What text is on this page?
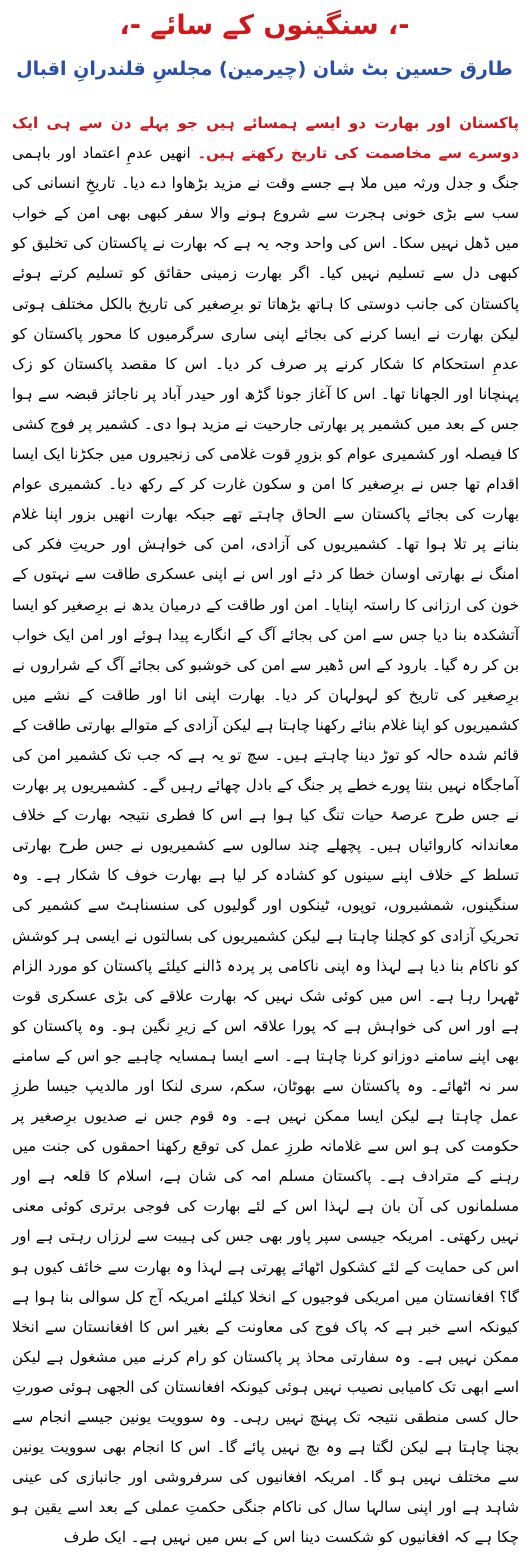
-، سنگینوں کے سائے -،
طارق حسین بٹ شان (چیرمین) مجلسِ قلندرانِ اقبال
پاکستان اور بھارت دو ایسے ہمسائے ہیں جو پہلے دن سے ہی ایک دوسرے سے مخاصمت کی تاریخ رکھتے ہیں۔ انھیں عدمِ اعتماد اور باہمی جنگ و جدل ورثہ میں ملا ہے جسے وقت نے مزید بڑھاوا دے دیا۔ تاریخِ انسانی کی سب سے بڑی خونی ہجرت سے شروع ہونے والا سفر کبھی بھی امن کے خواب میں ڈھل نہیں سکا۔ اس کی واحد وجہ یہ ہے کہ بھارت نے پاکستان کی تخلیق کو کبھی دل سے تسلیم نہیں کیا۔ اگر بھارت زمینی حقائق کو تسلیم کرتے ہوئے پاکستان کی جانب دوستی کا ہاتھ بڑھاتا تو برِصغیر کی تاریخ بالکل مختلف ہوتی لیکن بھارت نے ایسا کرنے کی بجائے اپنی ساری سرگرمیوں کا محور پاکستان کو عدمِ استحکام کا شکار کرنے پر صرف کر دیا۔ اس کا مقصد پاکستان کو زک پہنچانا اور الجھانا تھا۔ اس کا آغاز جونا گڑھ اور حیدر آباد پر ناجائز قبضہ سے ہوا جس کے بعد میں کشمیر پر بھارتی جارحیت نے مزید ہوا دی۔ کشمیر پر فوج کشی کا فیصلہ اور کشمیری عوام کو بزورِ قوت غلامی کی زنجیروں میں جکڑنا ایک ایسا اقدام تھا جس نے برِصغیر کا امن و سکون غارت کر کے رکھ دیا۔ کشمیری عوام بھارت کی بجائے پاکستان سے الحاق چاہتے تھے جبکہ بھارت انھیں بزور اپنا غلام بنانے پر تلا ہوا تھا۔ کشمیریوں کی آزادی، امن کی خواہش اور حریتِ فکر کی امنگ نے بھارتی اوسان خطا کر دئے اور اس نے اپنی عسکری طاقت سے نہتوں کے خون کی ارزانی کا راستہ اپنایا۔ امن اور طاقت کے درمیان یدھ نے برِصغیر کو ایسا آتشکدہ بنا دیا جس سے امن کی بجائے آگ کے انگارے پیدا ہوئے اور امن ایک خواب بن کر رہ گیا۔ بارود کے اس ڈھیر سے امن کی خوشبو کی بجائے آگ کے شراروں نے برِصغیر کی تاریخ کو لہولہان کر دیا۔ بھارت اپنی انا اور طاقت کے نشے میں کشمیریوں کو اپنا غلام بنائے رکھنا چاہتا ہے لیکن آزادی کے متوالے بھارتی طاقت کے قائم شدہ حالہ کو توڑ دینا چاہتے ہیں۔ سچ تو یہ ہے کہ جب تک کشمیر امن کی آماجگاہ نہیں بنتا پورے خطے پر جنگ کے بادل چھائے رہیں گے۔ کشمیریوں پر بھارت نے جس طرح عرصۂ حیات تنگ کیا ہوا ہے اس کا فطری نتیجہ بھارت کے خلاف معاندانہ کاروائیاں ہیں۔ پچھلے چند سالوں سے کشمیریوں نے جس طرح بھارتی تسلط کے خلاف اپنے سینوں کو کشادہ کر لیا ہے بھارت خوف کا شکار ہے۔ وہ سنگینوں، شمشیروں، توپوں، ٹینکوں اور گولیوں کی سنسناہٹ سے کشمیر کی تحریکِ آزادی کو کچلنا چاہتا ہے لیکن کشمیریوں کی بسالتوں نے ایسی ہر کوشش کو ناکام بنا دیا ہے لہذا وہ اپنی ناکامی پر پردہ ڈالنے کیلئے پاکستان کو مورد الزام ٹھہرا رہا ہے۔ اس میں کوئی شک نہیں کہ بھارت علاقے کی بڑی عسکری قوت ہے اور اس کی خواہش ہے کہ پورا علاقہ اس کے زیرِ نگین ہو۔ وہ پاکستان کو بھی اپنے سامنے دوزانو کرنا چاہتا ہے۔ اسے ایسا ہمسایہ چاہیے جو اس کے سامنے سر نہ اٹھائے۔ وہ پاکستان سے بھوٹان، سکم، سری لنکا اور مالدیپ جیسا طرزِ عمل چاہتا ہے لیکن ایسا ممکن نہیں ہے۔ وہ قوم جس نے صدیوں برِصغیر پر حکومت کی ہو اس سے غلامانہ طرزِ عمل کی توقع رکھنا احمقوں کی جنت میں رہنے کے مترادف ہے۔ پاکستان مسلم امہ کی شان ہے، اسلام کا قلعہ ہے اور مسلمانوں کی آن بان ہے لہذا اس کے لئے بھارت کی فوجی برتری کوئی معنی نہیں رکھتی۔ امریکہ جیسی سپر پاور بھی جس کی ہیبت سے لرزاں رہتی ہے اور اس کی حمایت کے لئے کشکول اٹھائے پھرتی ہے لہذا وہ بھارت سے خائف کیوں ہو گا؟ افغانستان میں امریکی فوجیوں کے انخلا کیلئے امریکہ آج کل سوالی بنا ہوا ہے کیونکہ اسے خبر ہے کہ پاک فوج کی معاونت کے بغیر اس کا افغانستان سے انخلا ممکن نہیں ہے۔ وہ سفارتی محاذ پر پاکستان کو رام کرنے میں مشغول ہے لیکن اسے ابھی تک کامیابی نصیب نہیں ہوئی کیونکہ افغانستان کی الجھی ہوئی صورتِ حال کسی منطقی نتیجہ تک پہنچ نہیں رہی۔ وہ سوویت یونین جیسے انجام سے بچنا چاہتا ہے لیکن لگتا ہے وہ بچ نہیں پائے گا۔ اس کا انجام بھی سوویت یونین سے مختلف نہیں ہو گا۔ امریکہ افغانیوں کی سرفروشی اور جانبازی کی عینی شاہد ہے اور اپنی سالہا سال کی ناکام جنگی حکمتِ عملی کے بعد اسے یقین ہو چکا ہے کہ افغانیوں کو شکست دینا اس کے بس میں نہیں ہے۔ ایک طرف
